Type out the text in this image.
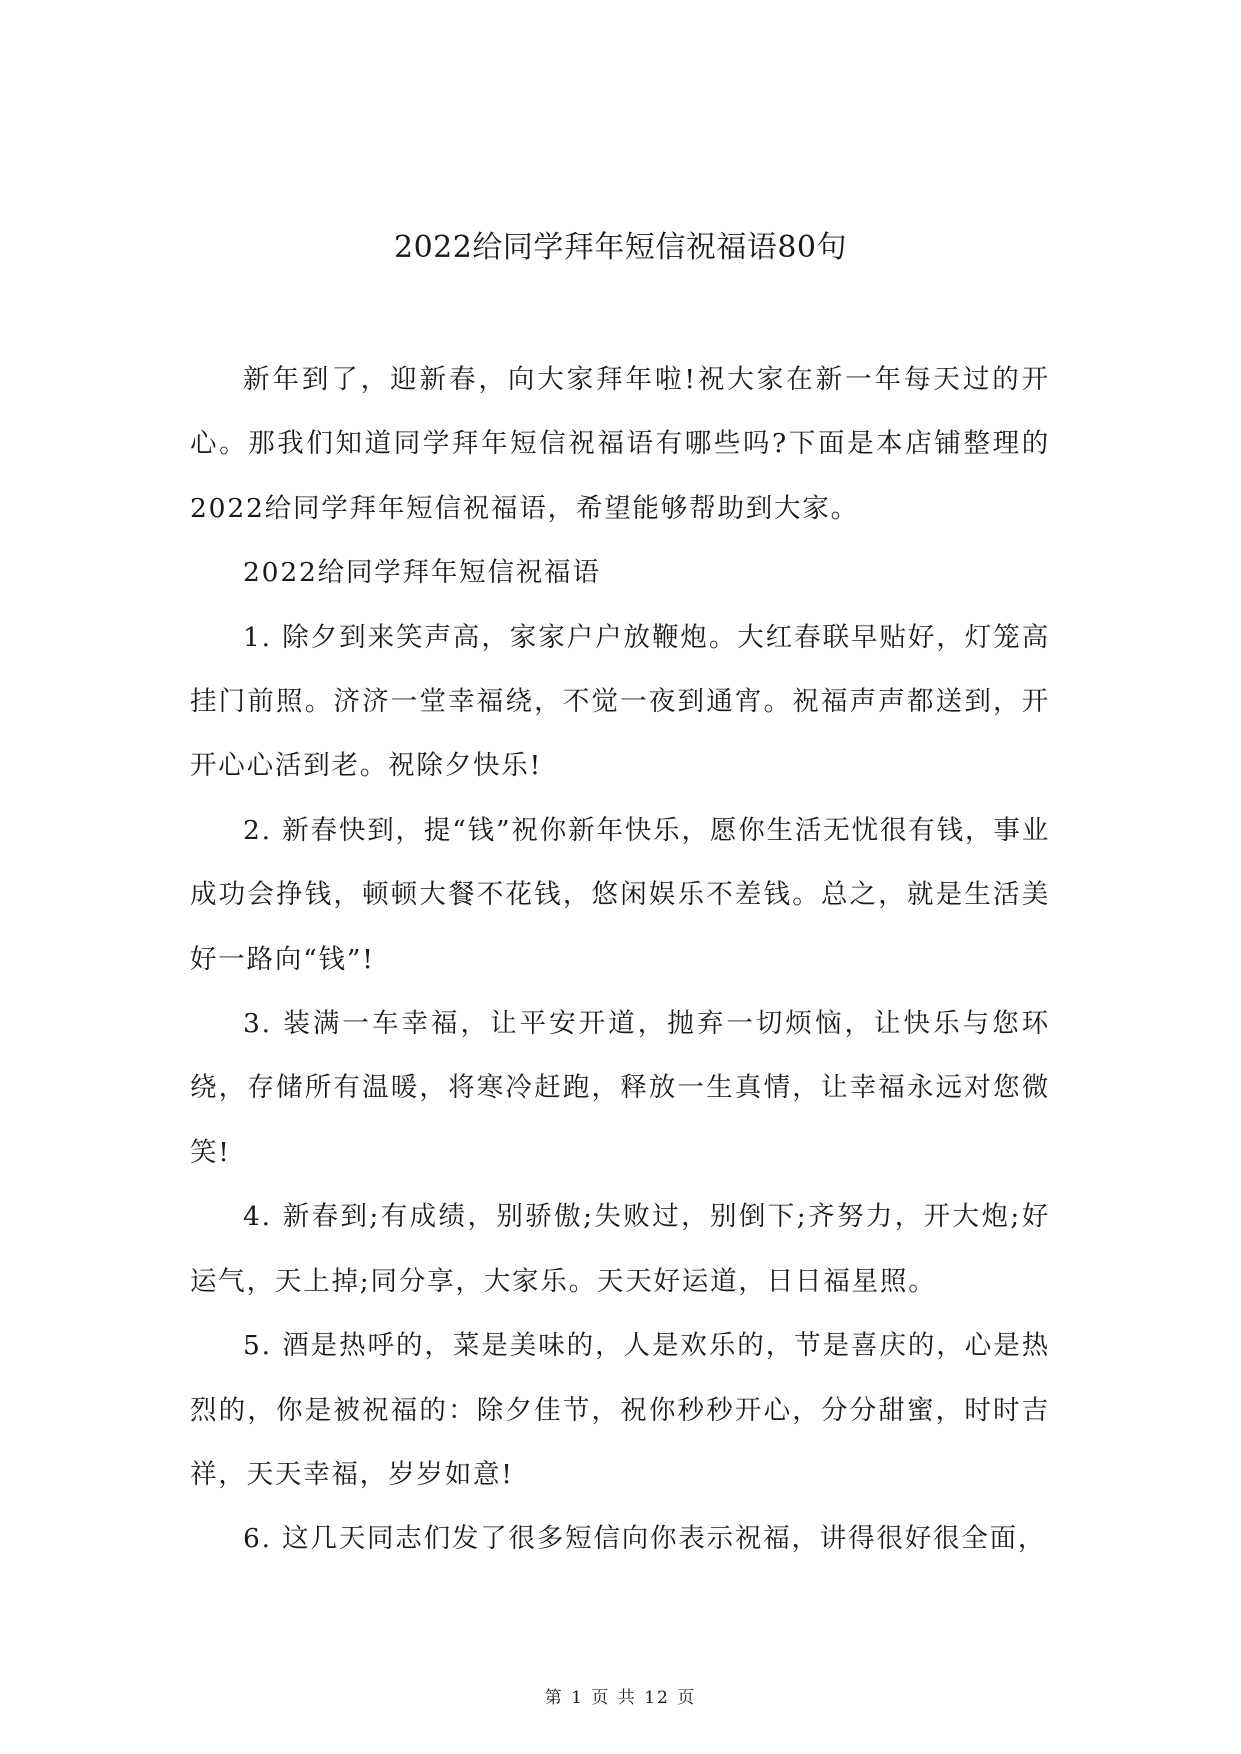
2022给同学拜年短信祝福语80句

新年到了，迎新春，向大家拜年啦!祝大家在新一年每天过的开心。那我们知道同学拜年短信祝福语有哪些吗?下面是本店铺整理的2022给同学拜年短信祝福语，希望能够帮助到大家。

2022给同学拜年短信祝福语

1. 除夕到来笑声高，家家户户放鞭炮。大红春联早贴好，灯笼高挂门前照。济济一堂幸福绕，不觉一夜到通宵。祝福声声都送到，开开心心活到老。祝除夕快乐!

2. 新春快到，提“钱”祝你新年快乐，愿你生活无忧很有钱，事业成功会挣钱，顿顿大餐不花钱，悠闲娱乐不差钱。总之，就是生活美好一路向“钱”!

3. 装满一车幸福，让平安开道，抛弃一切烦恼，让快乐与您环绕，存储所有温暖，将寒冷赶跑，释放一生真情，让幸福永远对您微笑!

4. 新春到;有成绩，别骄傲;失败过，别倒下;齐努力，开大炮;好运气，天上掉;同分享，大家乐。天天好运道，日日福星照。

5. 酒是热呼的，菜是美味的，人是欢乐的，节是喜庆的，心是热烈的，你是被祝福的：除夕佳节，祝你秒秒开心，分分甜蜜，时时吉祥，天天幸福，岁岁如意!

6. 这几天同志们发了很多短信向你表示祝福，讲得很好很全面，

第 1 页 共 12 页
